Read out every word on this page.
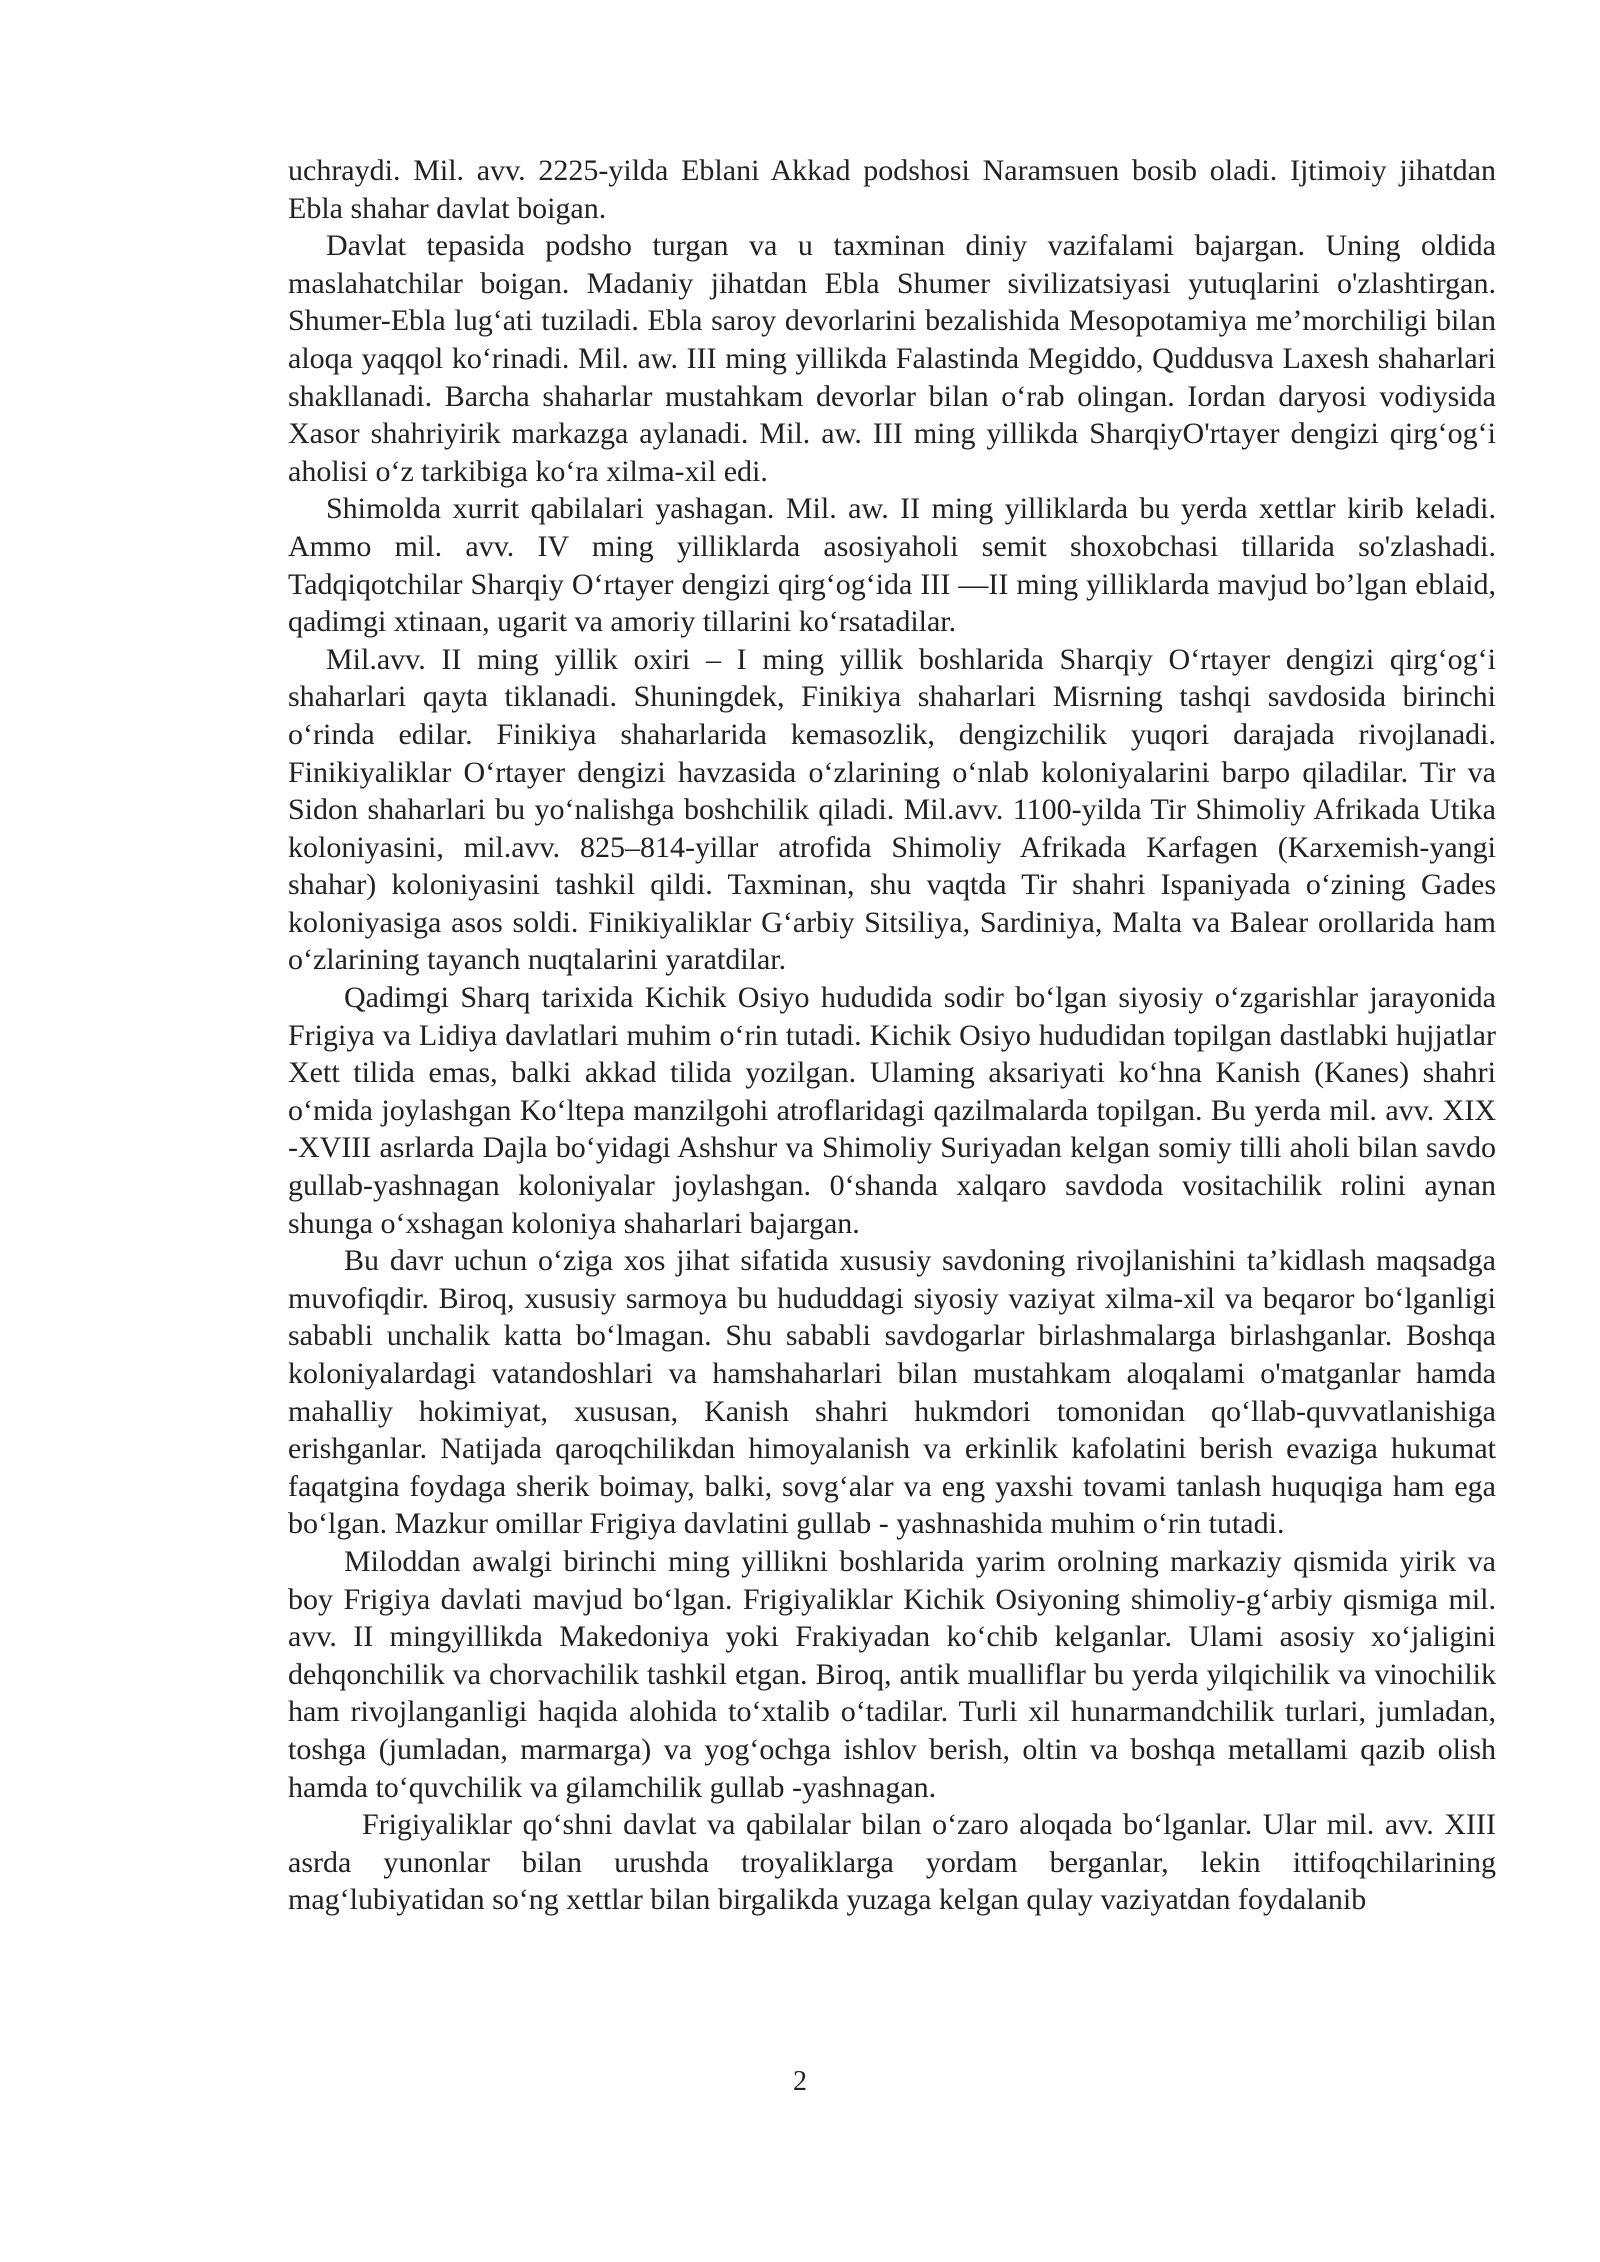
uchraydi. Mil. avv. 2225-yilda Eblani Akkad podshosi Naramsuen bosib oladi. Ijtimoiy jihatdan Ebla shahar davlat boigan.

Davlat tepasida podsho turgan va u taxminan diniy vazifalami bajargan. Uning oldida maslahatchilar boigan. Madaniy jihatdan Ebla Shumer sivilizatsiyasi yutuqlarini o'zlashtirgan. Shumer-Ebla lug‘ati tuziladi. Ebla saroy devorlarini bezalishida Mesopotamiya me’morchiligi bilan aloqa yaqqol ko‘rinadi. Mil. aw. III ming yillikda Falastinda Megiddo, Quddusva Laxesh shaharlari shakllanadi. Barcha shaharlar mustahkam devorlar bilan o‘rab olingan. Iordan daryosi vodiysida Xasor shahriyirik markazga aylanadi. Mil. aw. III ming yillikda SharqiyO'rtayer dengizi qirg‘og‘i aholisi o‘z tarkibiga ko‘ra xilma-xil edi.

Shimolda xurrit qabilalari yashagan. Mil. aw. II ming yilliklarda bu yerda xettlar kirib keladi. Ammo mil. avv. IV ming yilliklarda asosiyaholi semit shoxobchasi tillarida so'zlashadi. Tadqiqotchilar Sharqiy O‘rtayer dengizi qirg‘og‘ida III —II ming yilliklarda mavjud bo’lgan eblaid, qadimgi xtinaan, ugarit va amoriy tillarini ko‘rsatadilar.

Mil.avv. II ming yillik oxiri – I ming yillik boshlarida Sharqiy O‘rtayer dengizi qirg‘og‘i shaharlari qayta tiklanadi. Shuningdek, Finikiya shaharlari Misrning tashqi savdosida birinchi o‘rinda edilar. Finikiya shaharlarida kemasozlik, dengizchilik yuqori darajada rivojlanadi. Finikiyaliklar O‘rtayer dengizi havzasida o‘zlarining o‘nlab koloniyalarini barpo qiladilar. Tir va Sidon shaharlari bu yo‘nalishga boshchilik qiladi. Mil.avv. 1100-yilda Tir Shimoliy Afrikada Utika koloniyasini, mil.avv. 825–814-yillar atrofida Shimoliy Afrikada Karfagen (Karxemish-yangi shahar) koloniyasini tashkil qildi. Taxminan, shu vaqtda Tir shahri Ispaniyada o‘zining Gades koloniyasiga asos soldi. Finikiyaliklar G‘arbiy Sitsiliya, Sardiniya, Malta va Balear orollarida ham o‘zlarining tayanch nuqtalarini yaratdilar.

Qadimgi Sharq tarixida Kichik Osiyo hududida sodir bo‘lgan siyosiy o‘zgarishlar jarayonida Frigiya va Lidiya davlatlari muhim o‘rin tutadi. Kichik Osiyo hududidan topilgan dastlabki hujjatlar Xett tilida emas, balki akkad tilida yozilgan. Ulaming aksariyati ko‘hna Kanish (Kanes) shahri o‘mida joylashgan Ko‘ltepa manzilgohi atroflaridagi qazilmalarda topilgan. Bu yerda mil. avv. XIX -XVIII asrlarda Dajla bo‘yidagi Ashshur va Shimoliy Suriyadan kelgan somiy tilli aholi bilan savdo gullab-yashnagan koloniyalar joylashgan. 0‘shanda xalqaro savdoda vositachilik rolini aynan shunga o‘xshagan koloniya shaharlari bajargan.

Bu davr uchun o‘ziga xos jihat sifatida xususiy savdoning rivojlanishini ta’kidlash maqsadga muvofiqdir. Biroq, xususiy sarmoya bu hududdagi siyosiy vaziyat xilma-xil va beqaror bo‘lganligi sababli unchalik katta bo‘lmagan. Shu sababli savdogarlar birlashmalarga birlashganlar. Boshqa koloniyalardagi vatandoshlari va hamshaharlari bilan mustahkam aloqalami o'matganlar hamda mahalliy hokimiyat, xususan, Kanish shahri hukmdori tomonidan qo‘llab-quvvatlanishiga erishganlar. Natijada qaroqchilikdan himoyalanish va erkinlik kafolatini berish evaziga hukumat faqatgina foydaga sherik boimay, balki, sovg‘alar va eng yaxshi tovami tanlash huquqiga ham ega bo‘lgan. Mazkur omillar Frigiya davlatini gullab - yashnashida muhim o‘rin tutadi.

Miloddan awalgi birinchi ming yillikni boshlarida yarim orolning markaziy qismida yirik va boy Frigiya davlati mavjud bo‘lgan. Frigiyaliklar Kichik Osiyoning shimoliy-g‘arbiy qismiga mil. avv. II mingyillikda Makedoniya yoki Frakiyadan ko‘chib kelganlar. Ulami asosiy xo‘jaligini dehqonchilik va chorvachilik tashkil etgan. Biroq, antik mualliflar bu yerda yilqichilik va vinochilik ham rivojlanganligi haqida alohida to‘xtalib o‘tadilar. Turli xil hunarmandchilik turlari, jumladan, toshga (jumladan, marmarga) va yog‘ochga ishlov berish, oltin va boshqa metallami qazib olish hamda to‘quvchilik va gilamchilik gullab -yashnagan.

Frigiyaliklar qo‘shni davlat va qabilalar bilan o‘zaro aloqada bo‘lganlar. Ular mil. avv. XIII asrda yunonlar bilan urushda troyaliklarga yordam berganlar, lekin ittifoqchilarining mag‘lubiyatidan so‘ng xettlar bilan birgalikda yuzaga kelgan qulay vaziyatdan foydalanib

2
